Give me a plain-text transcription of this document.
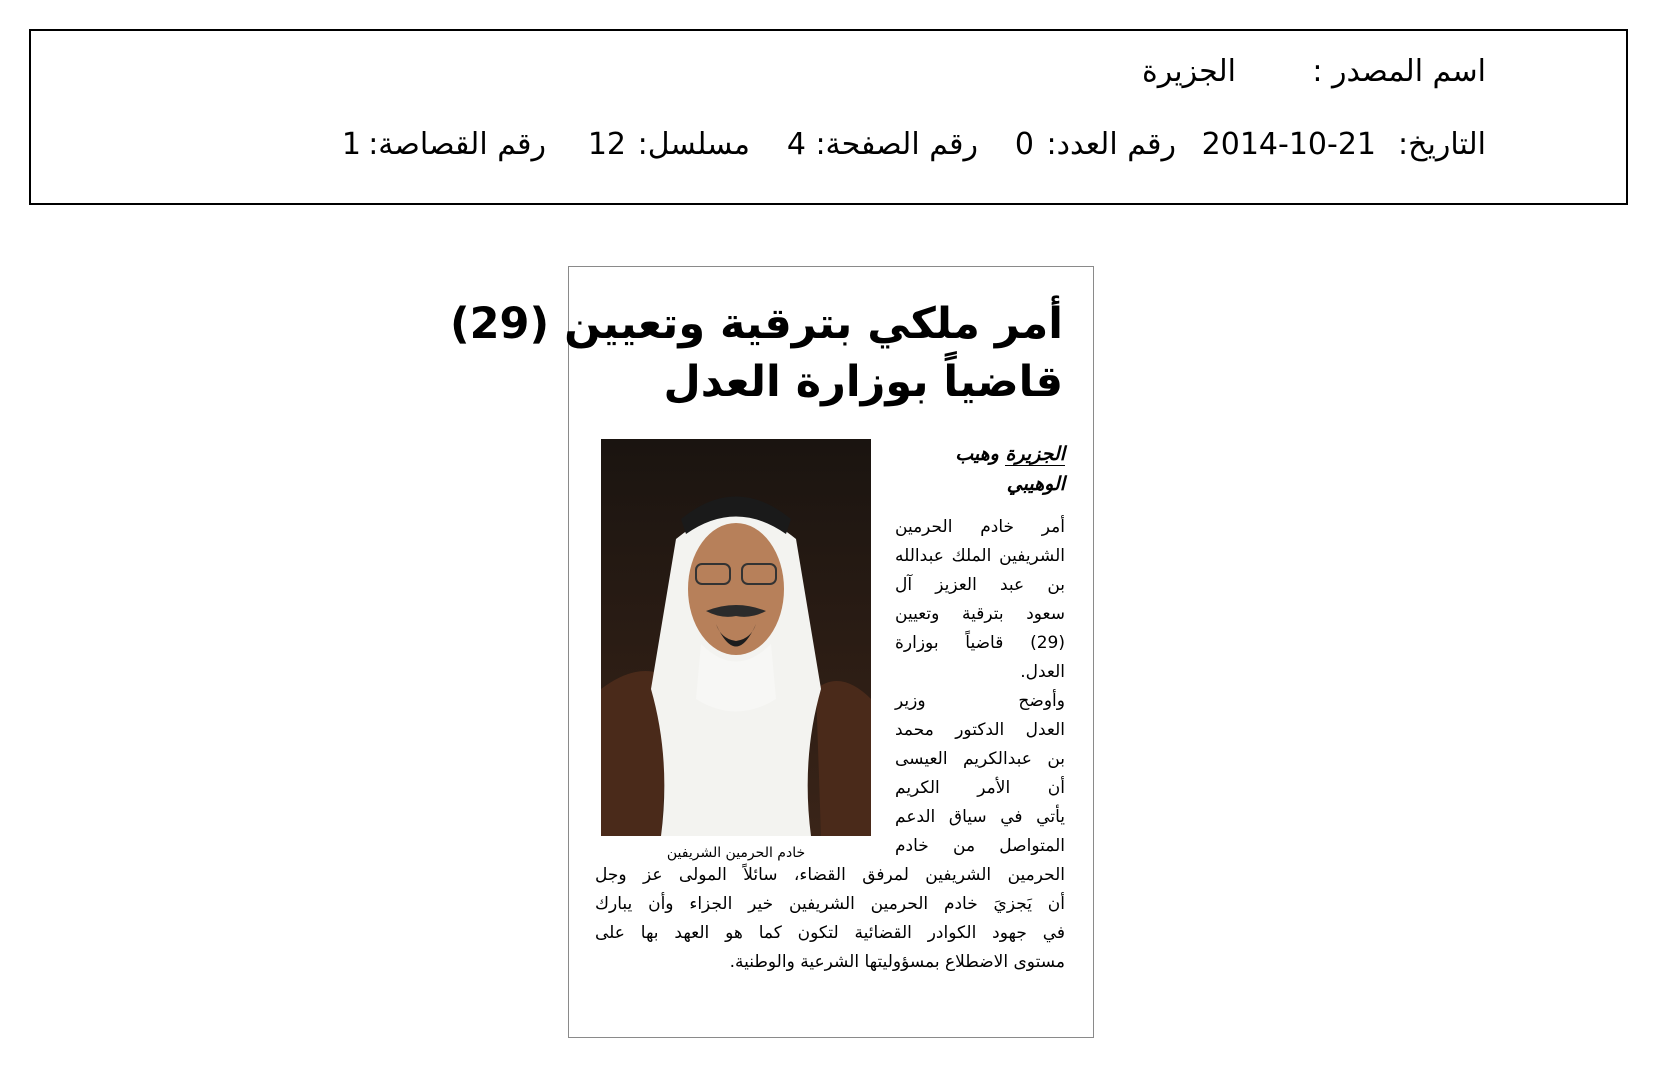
اسم المصدر :
الجزيرة
التاريخ:
2014-10-21
رقم العدد:
0
رقم الصفحة:
4
مسلسل:
12
رقم القصاصة:
1
أمر ملكي بترقية وتعيين (29)
قاضياً بوزارة العدل
خادم الحرمين الشريفين
الجزيرة وهيب
الوهيبي
أمر خادم الحرمين
الشريفين الملك عبدالله
بن عبد العزيز آل
سعود بترقية وتعيين
(29) قاضياً بوزارة
العدل.
وأوضح وزير
العدل الدكتور محمد
بن عبدالكريم العيسى
أن الأمر الكريم
يأتي في سياق الدعم
المتواصل من خادم
الحرمين الشريفين لمرفق القضاء، سائلاً المولى عز وجل
أن يَجزيَ خادم الحرمين الشريفين خير الجزاء وأن يبارك
في جهود الكوادر القضائية لتكون كما هو العهد بها على
مستوى الاضطلاع بمسؤوليتها الشرعية والوطنية.
